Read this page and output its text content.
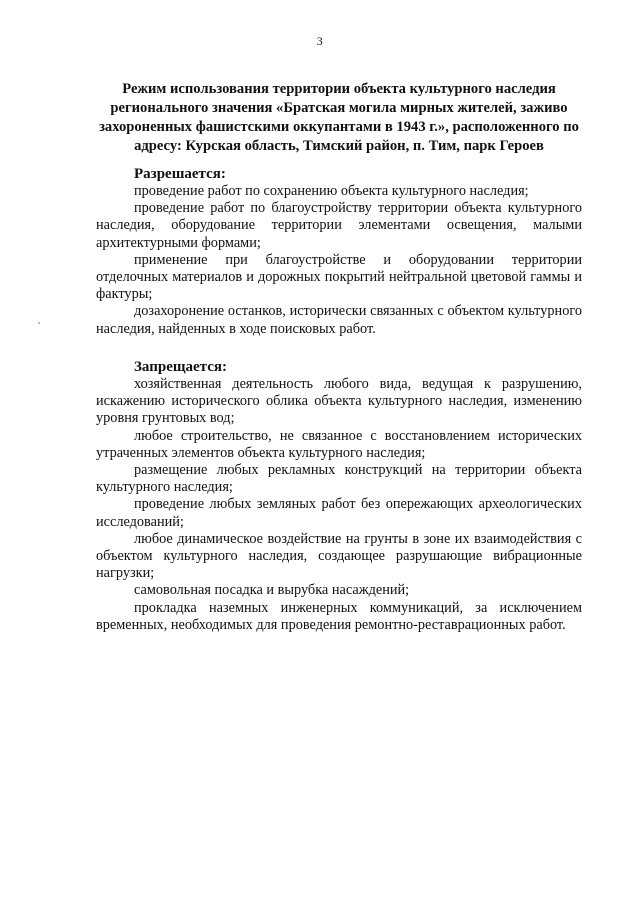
3
Режим использования территории объекта культурного наследия регионального значения «Братская могила мирных жителей, заживо захороненных фашистскими оккупантами в 1943 г.», расположенного по адресу: Курская область, Тимский район, п. Тим, парк Героев

Разрешается:

проведение работ по сохранению объекта культурного наследия;

проведение работ по благоустройству территории объекта культурного наследия, оборудование территории элементами освещения, малыми архитектурными формами;

применение при благоустройстве и оборудовании территории отделочных материалов и дорожных покрытий нейтральной цветовой гаммы и фактуры;

дозахоронение останков, исторически связанных с объектом культурного наследия, найденных в ходе поисковых работ.

Запрещается:

хозяйственная деятельность любого вида, ведущая к разрушению, искажению исторического облика объекта культурного наследия, изменению уровня грунтовых вод;

любое строительство, не связанное с восстановлением исторических утраченных элементов объекта культурного наследия;

размещение любых рекламных конструкций на территории объекта культурного наследия;

проведение любых земляных работ без опережающих археологических исследований;

любое динамическое воздействие на грунты в зоне их взаимодействия с объектом культурного наследия, создающее разрушающие вибрационные нагрузки;

самовольная посадка и вырубка насаждений;

прокладка наземных инженерных коммуникаций, за исключением временных, необходимых для проведения ремонтно-реставрационных работ.
